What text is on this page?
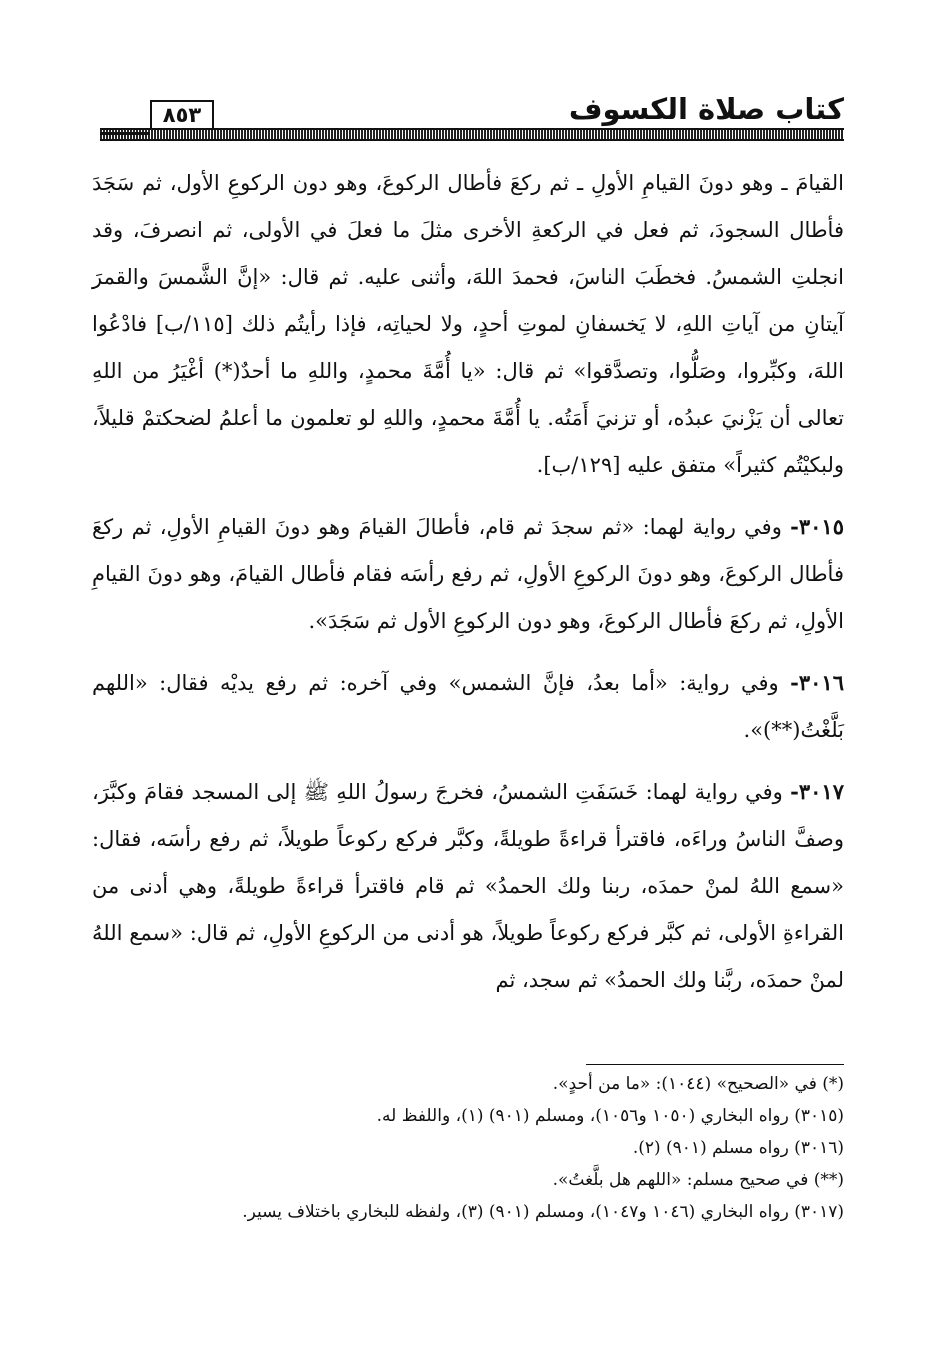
٨٥٣	كتاب صلاة الكسوف

القيامَ ـ وهو دونَ القيامِ الأولِ ـ ثم ركعَ فأطال الركوعَ، وهو دون الركوعِ الأول، ثم سَجَدَ فأطال السجودَ، ثم فعل في الركعةِ الأخرى مثلَ ما فعلَ في الأولى، ثم انصرفَ، وقد انجلتِ الشمسُ. فخطَبَ الناسَ، فحمدَ اللهَ، وأثنى عليه. ثم قال: «إنَّ الشَّمسَ والقمرَ آيتانِ من آياتِ اللهِ، لا يَخسفانِ لموتِ أحدٍ، ولا لحياتِه، فإذا رأيتُم ذلك [١١٥/ب] فادْعُوا اللهَ، وكبِّروا، وصَلُّوا، وتصدَّقوا» ثم قال: «يا أُمَّةَ محمدٍ، واللهِ ما أحدٌ(*) أغْيَرُ من اللهِ تعالى أن يَزْنيَ عبدُه، أو تزنيَ أَمَتُه. يا أُمَّةَ محمدٍ، واللهِ لو تعلمون ما أعلمُ لضحكتمْ قليلاً، ولبكيْتُم كثيراً» متفق عليه [١٢٩/ب].

٣٠١٥- وفي رواية لهما: «ثم سجدَ ثم قام، فأطالَ القيامَ وهو دونَ القيامِ الأولِ، ثم ركعَ فأطال الركوعَ، وهو دونَ الركوعِ الأولِ، ثم رفع رأسَه فقام فأطال القيامَ، وهو دونَ القيامِ الأولِ، ثم ركعَ فأطال الركوعَ، وهو دون الركوعِ الأول ثم سَجَدَ».

٣٠١٦- وفي رواية: «أما بعدُ، فإنَّ الشمس» وفي آخره: ثم رفع يديْه فقال: «اللهم بَلَّغْتُ(**)».

٣٠١٧- وفي رواية لهما: خَسَفَتِ الشمسُ، فخرجَ رسولُ اللهِ ﷺ إلى المسجد فقامَ وكبَّرَ، وصفَّ الناسُ وراءَه، فاقترأ قراءةً طويلةً، وكبَّر فركع ركوعاً طويلاً، ثم رفع رأسَه، فقال: «سمع اللهُ لمنْ حمدَه، ربنا ولك الحمدُ» ثم قام فاقترأ قراءةً طويلةً، وهي أدنى من القراءةِ الأولى، ثم كبَّر فركع ركوعاً طويلاً، هو أدنى من الركوعِ الأولِ، ثم قال: «سمع اللهُ لمنْ حمدَه، ربَّنا ولك الحمدُ» ثم سجد، ثم

(*) في «الصحيح» (١٠٤٤): «ما من أحدٍ».

(٣٠١٥) رواه البخاري (١٠٥٠ و١٠٥٦)، ومسلم (٩٠١) (١)، واللفظ له.

(٣٠١٦) رواه مسلم (٩٠١) (٢).

(**) في صحيح مسلم: «اللهم هل بلَّغتُ».

(٣٠١٧) رواه البخاري (١٠٤٦ و١٠٤٧)، ومسلم (٩٠١) (٣)، ولفظه للبخاري باختلاف يسير.
